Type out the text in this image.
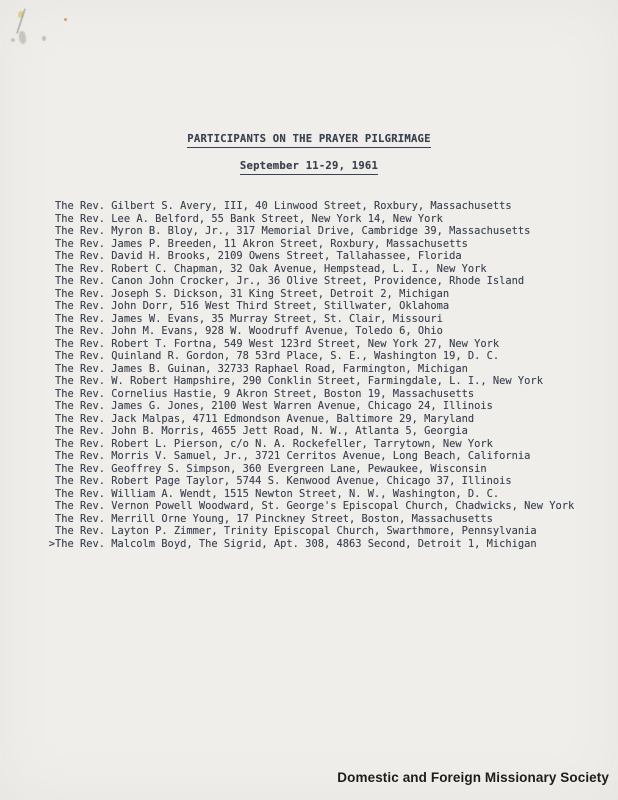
PARTICIPANTS ON THE PRAYER PILGRIMAGE
September 11-29, 1961
The Rev. Gilbert S. Avery, III, 40 Linwood Street, Roxbury, Massachusetts
The Rev. Lee A. Belford, 55 Bank Street, New York 14, New York
The Rev. Myron B. Bloy, Jr., 317 Memorial Drive, Cambridge 39, Massachusetts
The Rev. James P. Breeden, 11 Akron Street, Roxbury, Massachusetts
The Rev. David H. Brooks, 2109 Owens Street, Tallahassee, Florida
The Rev. Robert C. Chapman, 32 Oak Avenue, Hempstead, L. I., New York
The Rev. Canon John Crocker, Jr., 36 Olive Street, Providence, Rhode Island
The Rev. Joseph S. Dickson, 31 King Street, Detroit 2, Michigan
The Rev. John Dorr, 516 West Third Street, Stillwater, Oklahoma
The Rev. James W. Evans, 35 Murray Street, St. Clair, Missouri
The Rev. John M. Evans, 928 W. Woodruff Avenue, Toledo 6, Ohio
The Rev. Robert T. Fortna, 549 West 123rd Street, New York 27, New York
The Rev. Quinland R. Gordon, 78 53rd Place, S. E., Washington 19, D. C.
The Rev. James B. Guinan, 32733 Raphael Road, Farmington, Michigan
The Rev. W. Robert Hampshire, 290 Conklin Street, Farmingdale, L. I., New York
The Rev. Cornelius Hastie, 9 Akron Street, Boston 19, Massachusetts
The Rev. James G. Jones, 2100 West Warren Avenue, Chicago 24, Illinois
The Rev. Jack Malpas, 4711 Edmondson Avenue, Baltimore 29, Maryland
The Rev. John B. Morris, 4655 Jett Road, N. W., Atlanta 5, Georgia
The Rev. Robert L. Pierson, c/o N. A. Rockefeller, Tarrytown, New York
The Rev. Morris V. Samuel, Jr., 3721 Cerritos Avenue, Long Beach, California
The Rev. Geoffrey S. Simpson, 360 Evergreen Lane, Pewaukee, Wisconsin
The Rev. Robert Page Taylor, 5744 S. Kenwood Avenue, Chicago 37, Illinois
The Rev. William A. Wendt, 1515 Newton Street, N. W., Washington, D. C.
The Rev. Vernon Powell Woodward, St. George's Episcopal Church, Chadwicks, New York
The Rev. Merrill Orne Young, 17 Pinckney Street, Boston, Massachusetts
The Rev. Layton P. Zimmer, Trinity Episcopal Church, Swarthmore, Pennsylvania
>The Rev. Malcolm Boyd, The Sigrid, Apt. 308, 4863 Second, Detroit 1, Michigan
Domestic and Foreign Missionary Society
